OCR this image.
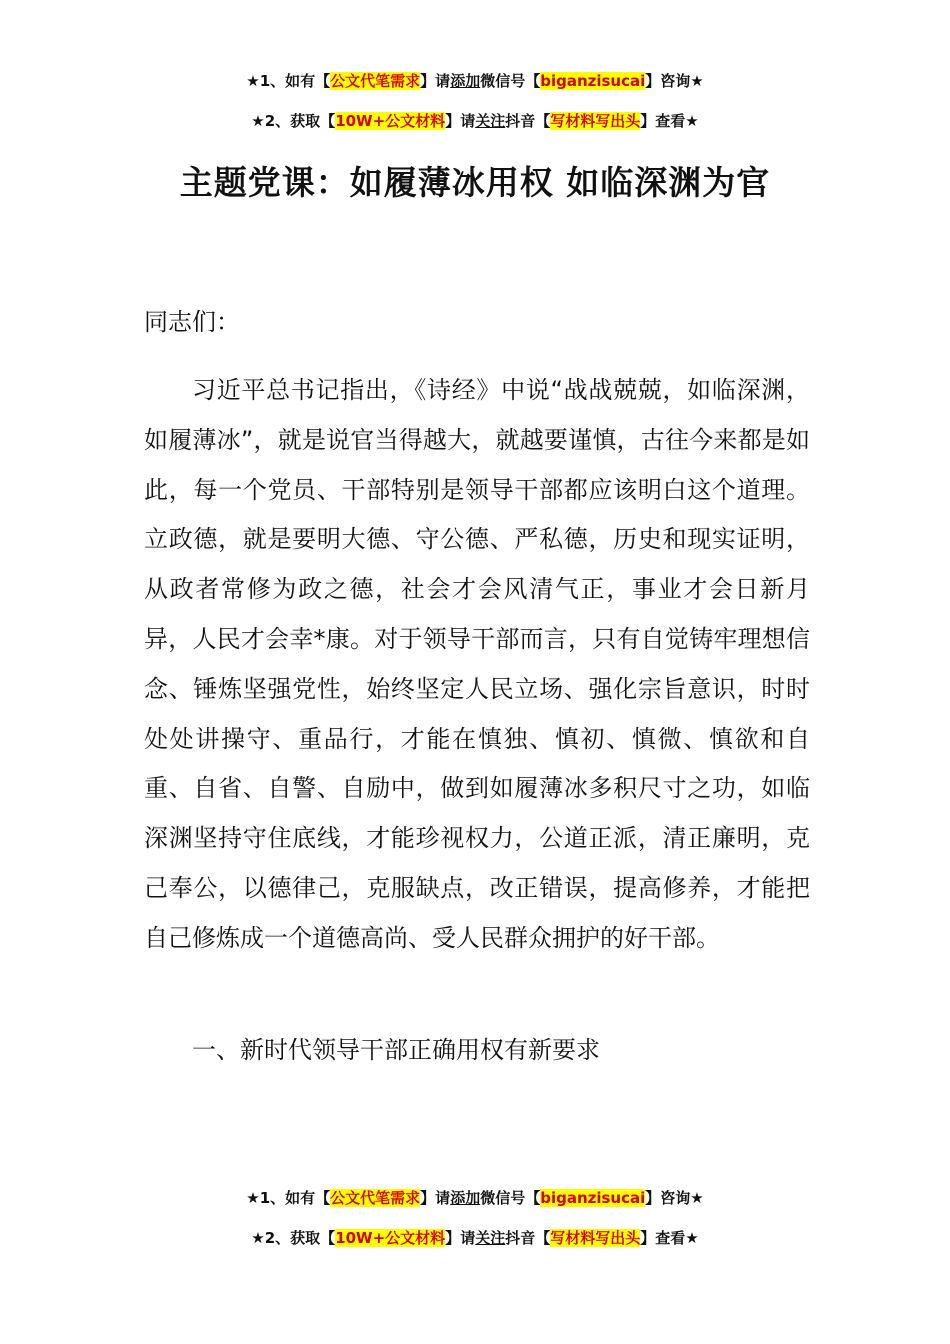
★1、如有【公文代笔需求】请添加微信号【biganzisucai】咨询★
★2、获取【10W+公文材料】请关注抖音【写材料写出头】查看★
主题党课：如履薄冰用权 如临深渊为官
同志们：

习近平总书记指出，《诗经》中说“战战兢兢，如临深渊，如履薄冰”，就是说官当得越大，就越要谨慎，古往今来都是如此，每一个党员、干部特别是领导干部都应该明白这个道理。立政德，就是要明大德、守公德、严私德，历史和现实证明，从政者常修为政之德，社会才会风清气正，事业才会日新月异，人民才会幸*康。对于领导干部而言，只有自觉铸牢理想信念、锤炼坚强党性，始终坚定人民立场、强化宗旨意识，时时处处讲操守、重品行，才能在慎独、慎初、慎微、慎欲和自重、自省、自警、自励中，做到如履薄冰多积尺寸之功，如临深渊坚持守住底线，才能珍视权力，公道正派，清正廉明，克己奉公，以德律己，克服缺点，改正错误，提高修养，才能把自己修炼成一个道德高尚、受人民群众拥护的好干部。

一、新时代领导干部正确用权有新要求
★1、如有【公文代笔需求】请添加微信号【biganzisucai】咨询★
★2、获取【10W+公文材料】请关注抖音【写材料写出头】查看★
